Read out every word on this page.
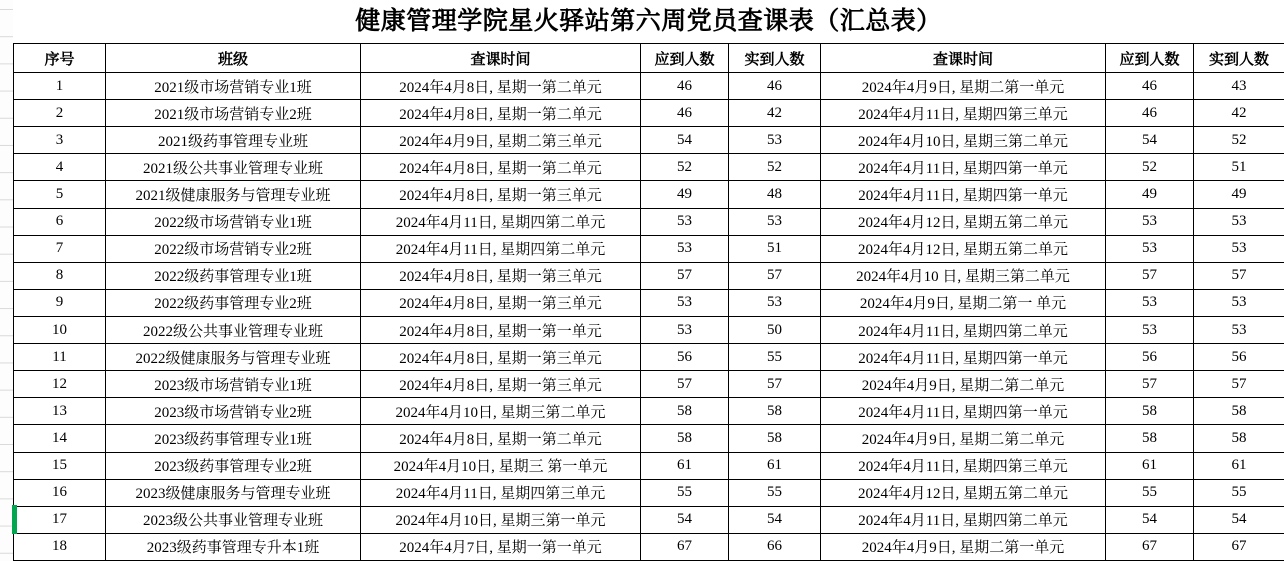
健康管理学院星火驿站第六周党员查课表（汇总表）
序号	班级	查课时间	应到人数	实到人数	查课时间	应到人数	实到人数
1	2021级市场营销专业1班	2024年4月8日, 星期一第二单元	46	46	2024年4月9日, 星期二第一单元	46	43
2	2021级市场营销专业2班	2024年4月8日, 星期一第二单元	46	42	2024年4月11日, 星期四第三单元	46	42
3	2021级药事管理专业班	2024年4月9日, 星期二第三单元	54	53	2024年4月10日, 星期三第二单元	54	52
4	2021级公共事业管理专业班	2024年4月8日, 星期一第二单元	52	52	2024年4月11日, 星期四第一单元	52	51
5	2021级健康服务与管理专业班	2024年4月8日, 星期一第三单元	49	48	2024年4月11日, 星期四第一单元	49	49
6	2022级市场营销专业1班	2024年4月11日, 星期四第二单元	53	53	2024年4月12日, 星期五第二单元	53	53
7	2022级市场营销专业2班	2024年4月11日, 星期四第二单元	53	51	2024年4月12日, 星期五第二单元	53	53
8	2022级药事管理专业1班	2024年4月8日, 星期一第三单元	57	57	2024年4月10 日, 星期三第二单元	57	57
9	2022级药事管理专业2班	2024年4月8日, 星期一第三单元	53	53	2024年4月9日, 星期二第一 单元	53	53
10	2022级公共事业管理专业班	2024年4月8日, 星期一第一单元	53	50	2024年4月11日, 星期四第二单元	53	53
11	2022级健康服务与管理专业班	2024年4月8日, 星期一第三单元	56	55	2024年4月11日, 星期四第一单元	56	56
12	2023级市场营销专业1班	2024年4月8日, 星期一第三单元	57	57	2024年4月9日, 星期二第二单元	57	57
13	2023级市场营销专业2班	2024年4月10日, 星期三第二单元	58	58	2024年4月11日, 星期四第一单元	58	58
14	2023级药事管理专业1班	2024年4月8日, 星期一第二单元	58	58	2024年4月9日, 星期二第二单元	58	58
15	2023级药事管理专业2班	2024年4月10日, 星期三 第一单元	61	61	2024年4月11日, 星期四第三单元	61	61
16	2023级健康服务与管理专业班	2024年4月11日, 星期四第三单元	55	55	2024年4月12日, 星期五第二单元	55	55
17	2023级公共事业管理专业班	2024年4月10日, 星期三第一单元	54	54	2024年4月11日, 星期四第二单元	54	54
18	2023级药事管理专升本1班	2024年4月7日, 星期一第一单元	67	66	2024年4月9日, 星期二第一单元	67	67
